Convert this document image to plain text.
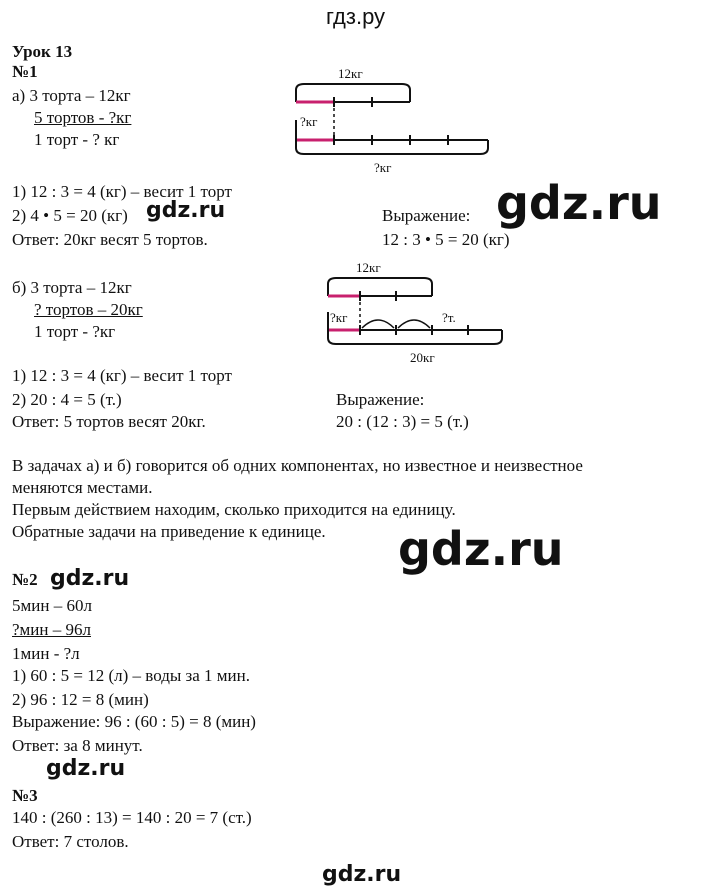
гдз.ру
gdz.ru
gdz.ru
gdz.ru
gdz.ru
gdz.ru
gdz.ru
Урок 13
№1
а) 3 торта – 12кг
5 тортов - ?кг
1 торт - ? кг
12кг
?кг
?кг
1) 12 : 3 = 4 (кг) – весит 1 торт
2) 4 • 5 = 20 (кг)
Ответ: 20кг весят 5 тортов.
Выражение:
12 : 3 • 5 = 20 (кг)
б) 3 торта – 12кг
? тортов – 20кг
1 торт - ?кг
12кг
?кг	?т.
20кг
1) 12 : 3 = 4 (кг) – весит 1 торт
2) 20 : 4 = 5 (т.)
Ответ: 5 тортов весят 20кг.
Выражение:
20 : (12 : 3) = 5 (т.)
В задачах а) и б) говорится об одних компонентах, но известное и неизвестное
меняются местами.
Первым действием находим, сколько приходится на единицу.
Обратные задачи на приведение к единице.
№2
5мин – 60л
?мин – 96л
1мин - ?л
1) 60 : 5 = 12 (л) – воды за 1 мин.
2) 96 : 12 = 8 (мин)
Выражение: 96 : (60 : 5) = 8 (мин)
Ответ: за 8 минут.
№3
140 : (260 : 13) = 140 : 20 = 7 (ст.)
Ответ: 7 столов.
